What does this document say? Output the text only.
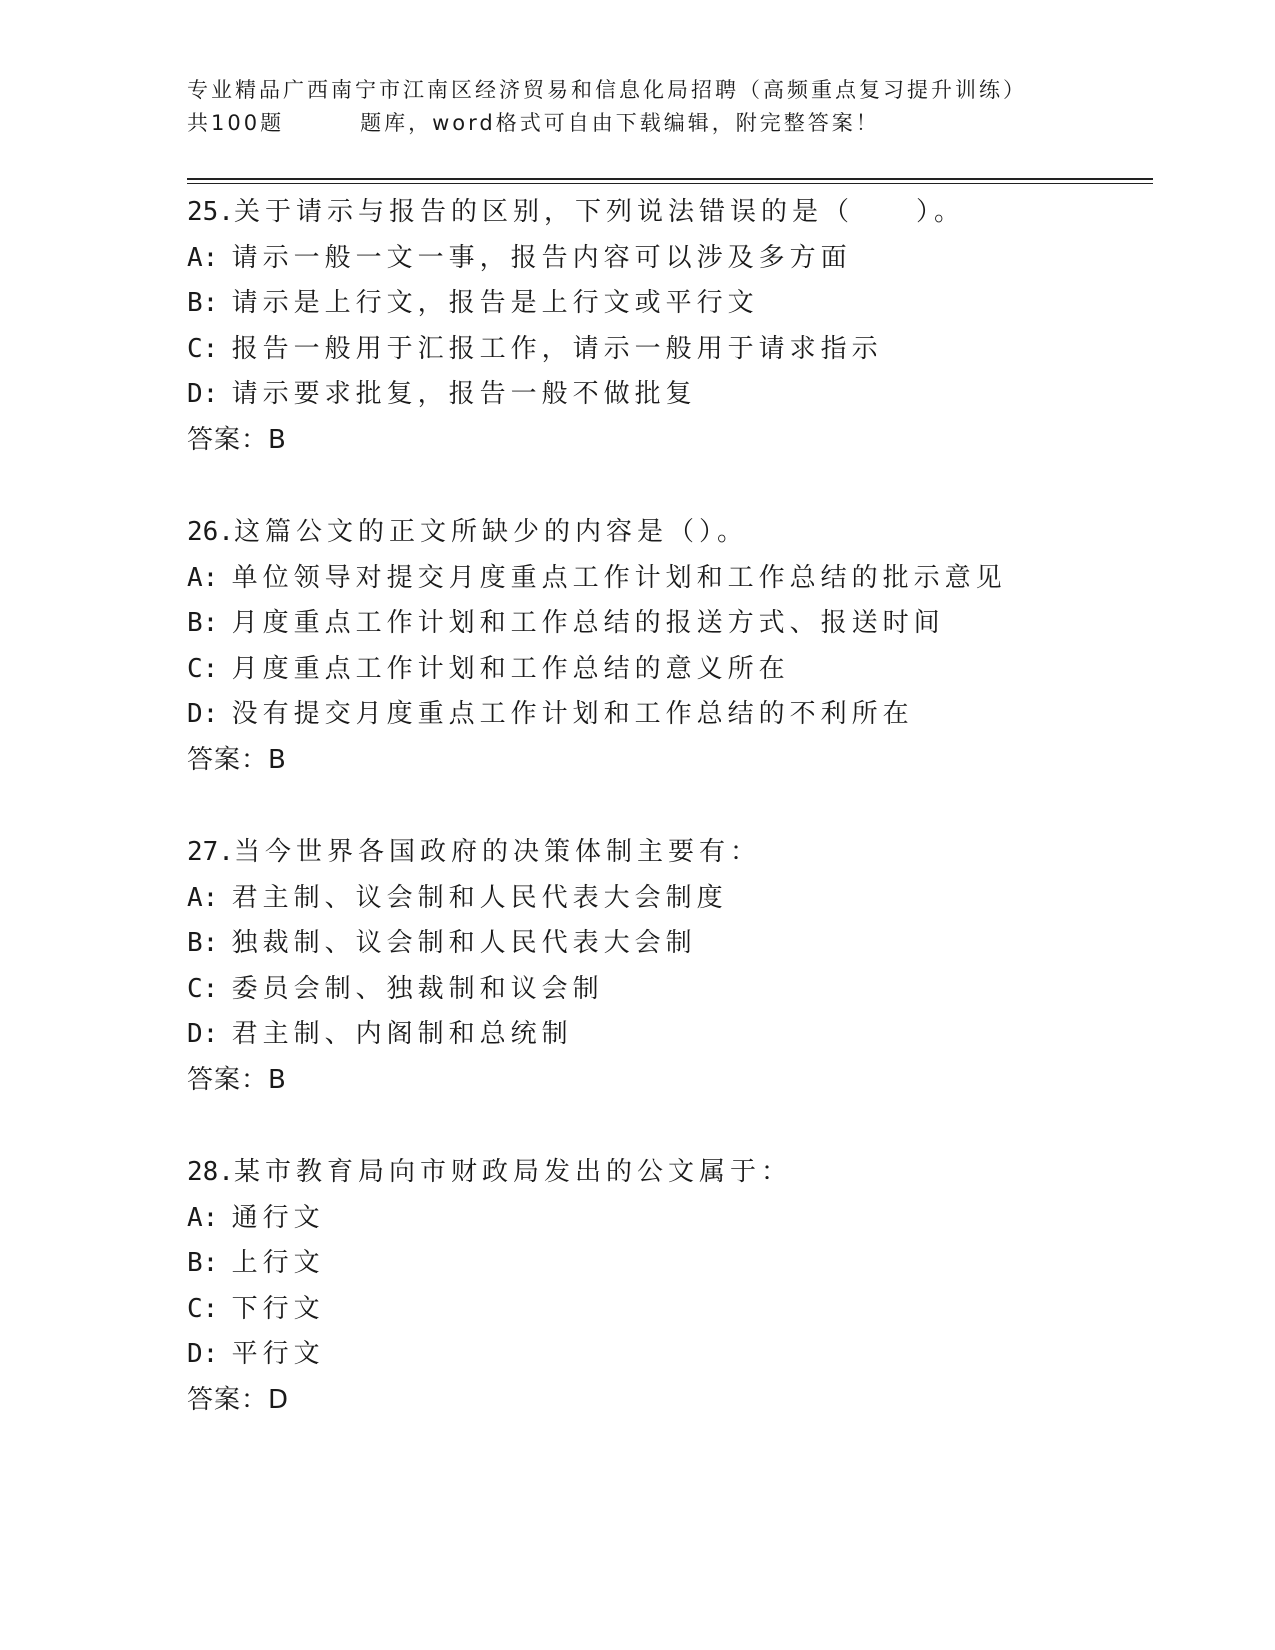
专业精品广西南宁市江南区经济贸易和信息化局招聘（高频重点复习提升训练）
共100题	题库，word格式可自由下载编辑，附完整答案！
25.关于请示与报告的区别，下列说法错误的是（　　）。
A: 请示一般一文一事，报告内容可以涉及多方面
B: 请示是上行文，报告是上行文或平行文
C: 报告一般用于汇报工作，请示一般用于请求指示
D: 请示要求批复，报告一般不做批复
答案：B
26.这篇公文的正文所缺少的内容是（）。
A: 单位领导对提交月度重点工作计划和工作总结的批示意见
B: 月度重点工作计划和工作总结的报送方式、报送时间
C: 月度重点工作计划和工作总结的意义所在
D: 没有提交月度重点工作计划和工作总结的不利所在
答案：B
27.当今世界各国政府的决策体制主要有：
A: 君主制、议会制和人民代表大会制度
B: 独裁制、议会制和人民代表大会制
C: 委员会制、独裁制和议会制
D: 君主制、内阁制和总统制
答案：B
28.某市教育局向市财政局发出的公文属于：
A: 通行文
B: 上行文
C: 下行文
D: 平行文
答案：D
